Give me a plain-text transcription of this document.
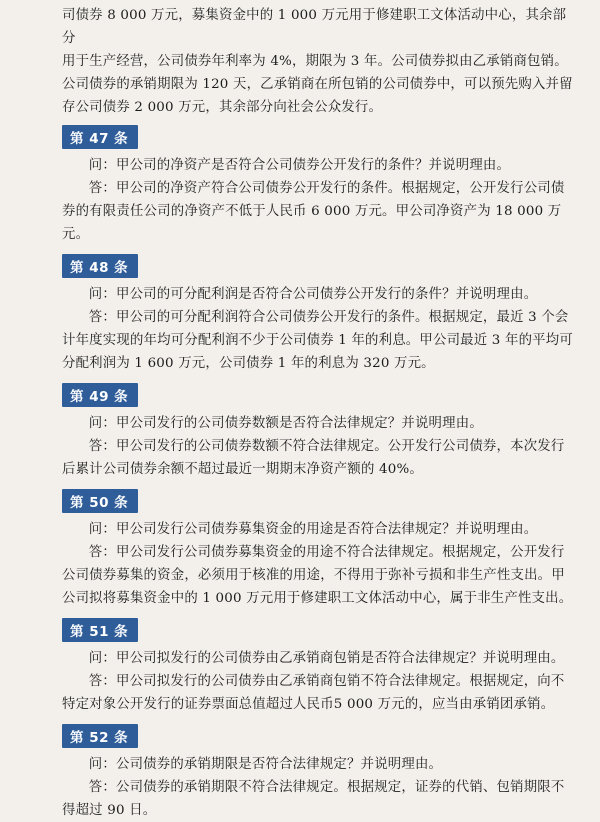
司债券 8 000 万元，募集资金中的 1 000 万元用于修建职工文体活动中心，其余部分

用于生产经营，公司债券年利率为 4%，期限为 3 年。公司债券拟由乙承销商包销。

公司债券的承销期限为 120 天，乙承销商在所包销的公司债券中，可以预先购入并留

存公司债券 2 000 万元，其余部分向社会公众发行。

第 47 条

问：甲公司的净资产是否符合公司债券公开发行的条件？并说明理由。

答：甲公司的净资产符合公司债券公开发行的条件。根据规定，公开发行公司债券的有限责任公司的净资产不低于人民币 6 000 万元。甲公司净资产为 18 000 万元。

第 48 条

问：甲公司的可分配利润是否符合公司债券公开发行的条件？并说明理由。

答：甲公司的可分配利润符合公司债券公开发行的条件。根据规定，最近 3 个会计年度实现的年均可分配利润不少于公司债券 1 年的利息。甲公司最近 3 年的平均可分配利润为 1 600 万元，公司债券 1 年的利息为 320 万元。

第 49 条

问：甲公司发行的公司债券数额是否符合法律规定？并说明理由。

答：甲公司发行的公司债券数额不符合法律规定。公开发行公司债券，本次发行后累计公司债券余额不超过最近一期期末净资产额的 40%。

第 50 条

问：甲公司发行公司债券募集资金的用途是否符合法律规定？并说明理由。

答：甲公司发行公司债券募集资金的用途不符合法律规定。根据规定，公开发行公司债券募集的资金，必须用于核准的用途，不得用于弥补亏损和非生产性支出。甲公司拟将募集资金中的 1 000 万元用于修建职工文体活动中心，属于非生产性支出。

第 51 条

问：甲公司拟发行的公司债券由乙承销商包销是否符合法律规定？并说明理由。

答：甲公司拟发行的公司债券由乙承销商包销不符合法律规定。根据规定，向不特定对象公开发行的证券票面总值超过人民币5 000 万元的，应当由承销团承销。

第 52 条

问：公司债券的承销期限是否符合法律规定？并说明理由。

答：公司债券的承销期限不符合法律规定。根据规定，证券的代销、包销期限不得超过 90 日。
